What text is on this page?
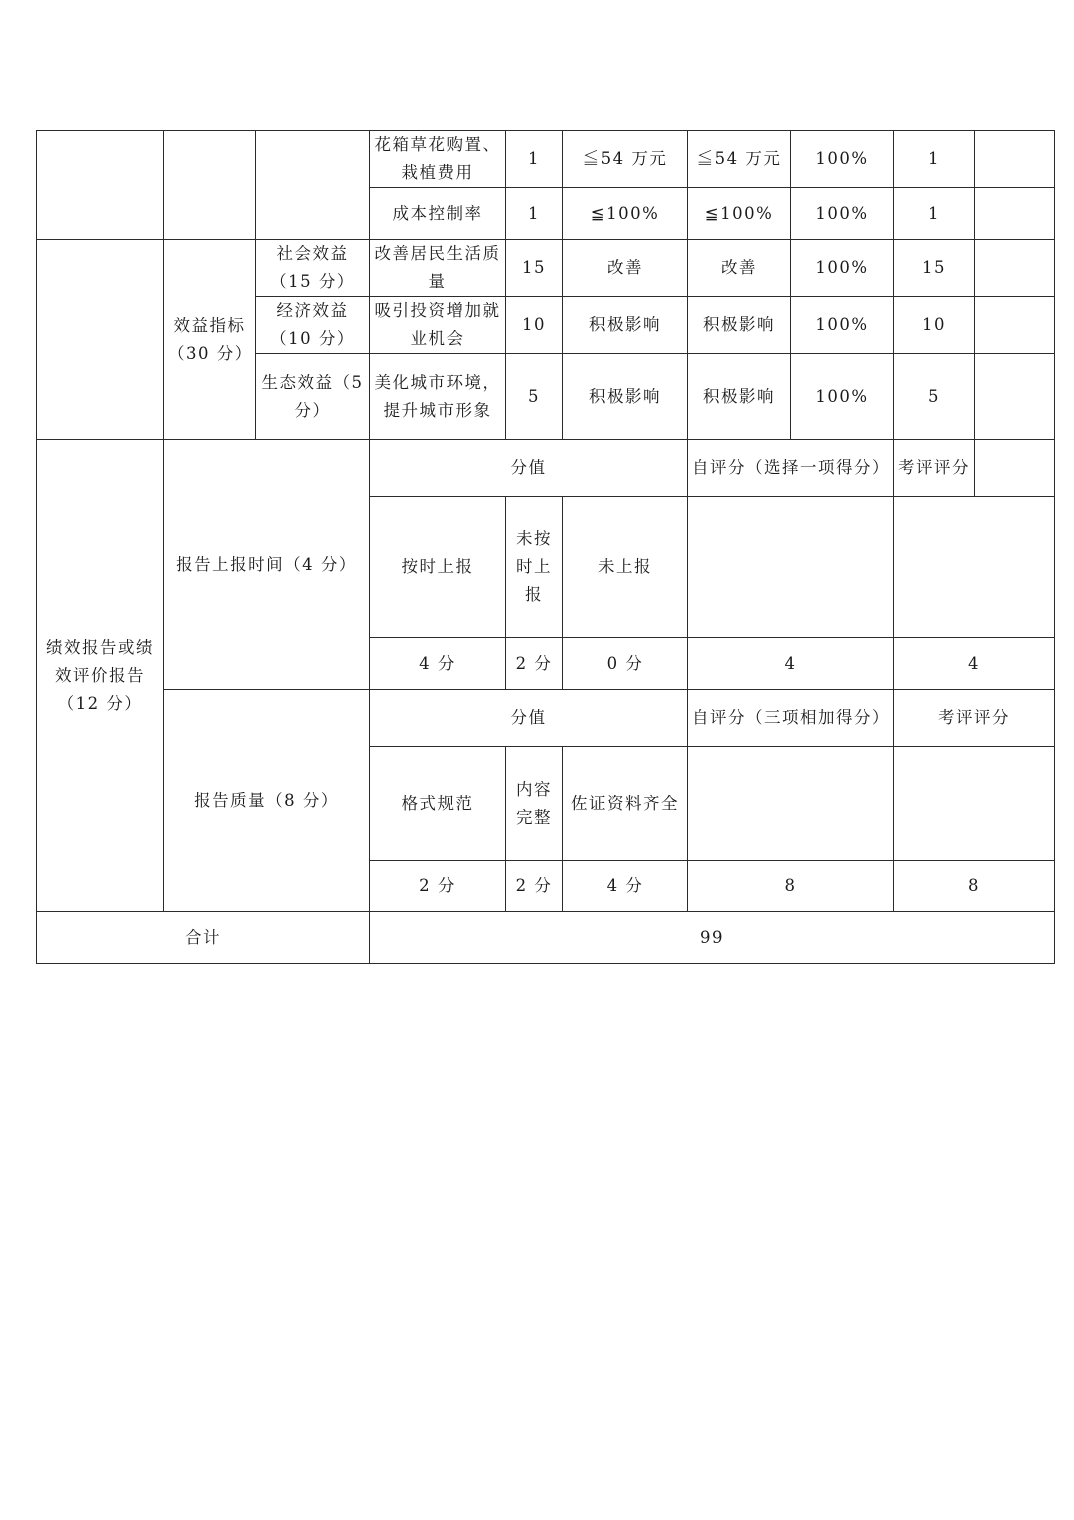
			花箱草花购置、栽植费用	1	≦54 万元	≦54 万元	100%	1	
			成本控制率	1	≦100%	≦100%	100%	1	
	效益指标（30 分）	社会效益（15 分）	改善居民生活质量	15	改善	改善	100%	15	
		经济效益（10 分）	吸引投资增加就业机会	10	积极影响	积极影响	100%	10	
		生态效益（5 分）	美化城市环境，提升城市形象	5	积极影响	积极影响	100%	5	
绩效报告或绩效评价报告（12 分）	报告上报时间（4 分）		分值			自评分（选择一项得分）		考评评分	
			按时上报	未按时上报	未上报				
			4 分	2 分	0 分	4		4	
	报告质量（8 分）		分值			自评分（三项相加得分）		考评评分	
			格式规范	内容完整	佐证资料齐全				
			2 分	2 分	4 分	8		8	
合计			99						
